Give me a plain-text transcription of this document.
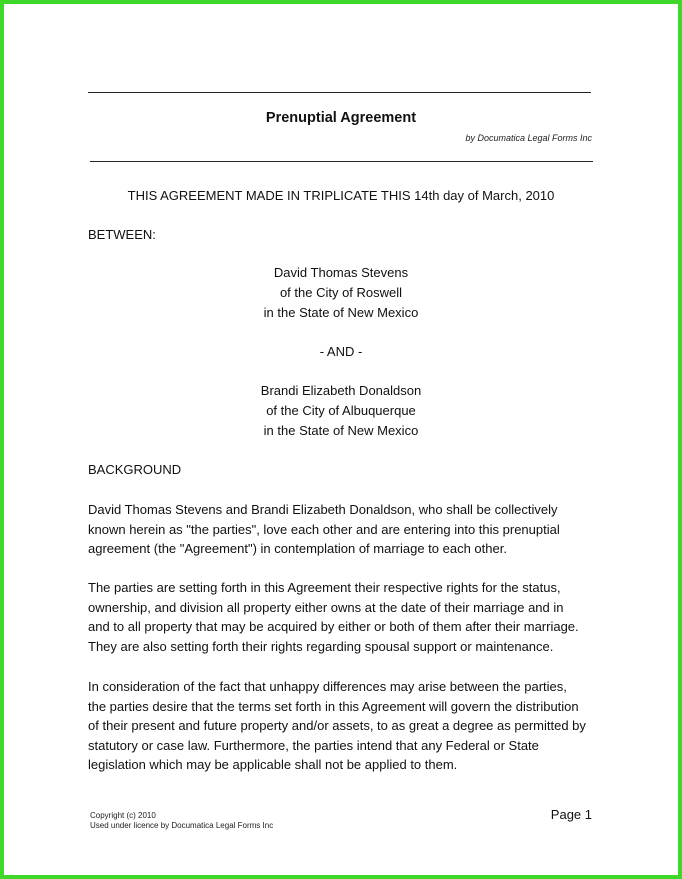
Prenuptial Agreement
by Documatica Legal Forms Inc
THIS AGREEMENT MADE IN TRIPLICATE THIS 14th day of March, 2010
BETWEEN:
David Thomas Stevens
of the City of Roswell
in the State of New Mexico
- AND -
Brandi Elizabeth Donaldson
of the City of Albuquerque
in the State of New Mexico
BACKGROUND
David Thomas Stevens and Brandi Elizabeth Donaldson, who shall be collectively
known herein as "the parties", love each other and are entering into this prenuptial
agreement (the "Agreement") in contemplation of marriage to each other.
The parties are setting forth in this Agreement their respective rights for the status,
ownership, and division all property either owns at the date of their marriage and in
and to all property that may be acquired by either or both of them after their marriage.
They are also setting forth their rights regarding spousal support or maintenance.
In consideration of the fact that unhappy differences may arise between the parties,
the parties desire that the terms set forth in this Agreement will govern the distribution
of their present and future property and/or assets, to as great a degree as permitted by
statutory or case law. Furthermore, the parties intend that any Federal or State
legislation which may be applicable shall not be applied to them.
Copyright (c) 2010
Used under licence by Documatica Legal Forms Inc
Page 1
